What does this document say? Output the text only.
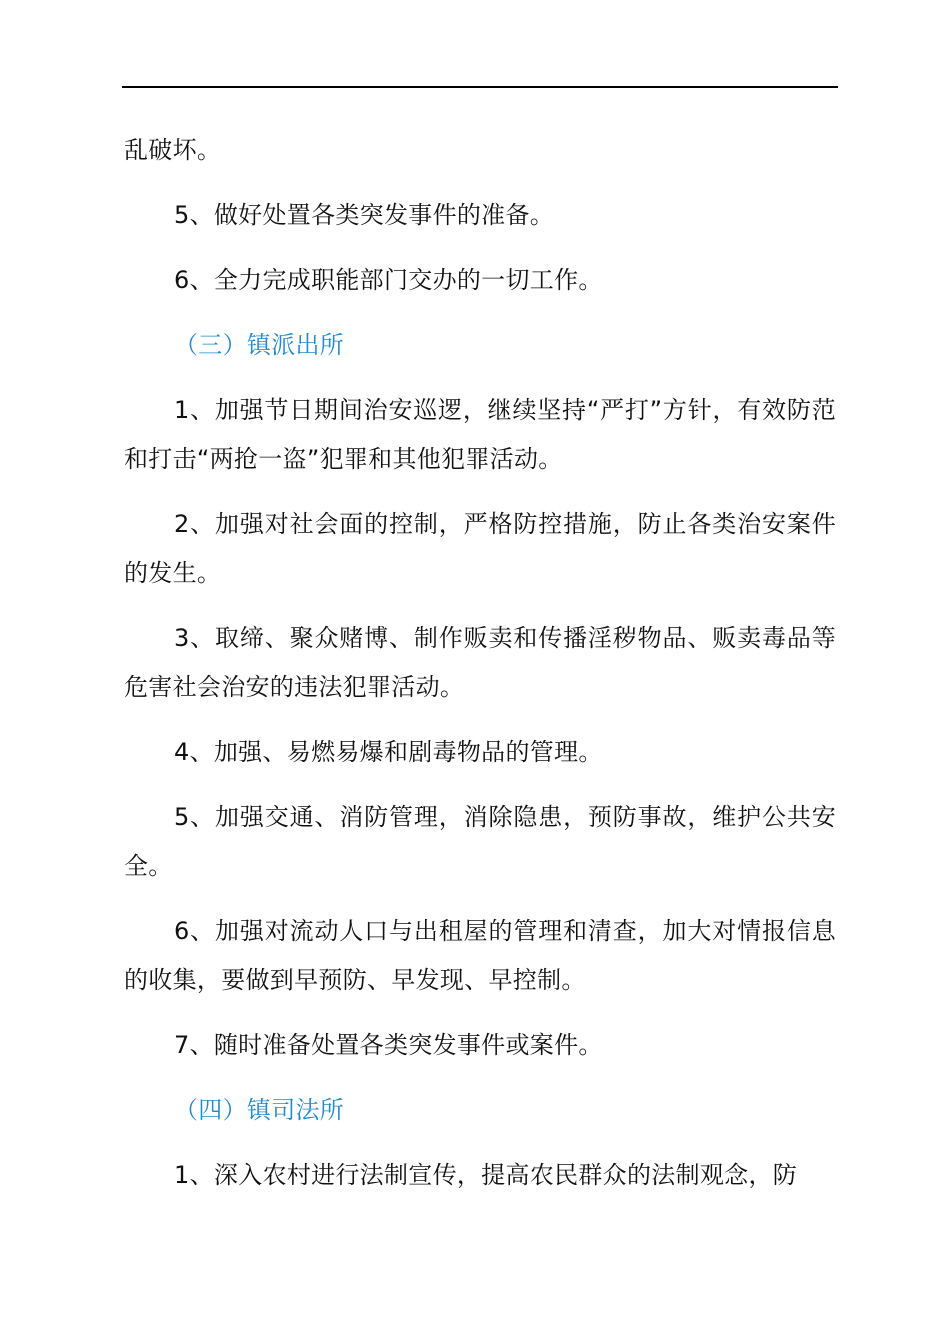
乱破坏。

5、做好处置各类突发事件的准备。

6、全力完成职能部门交办的一切工作。

（三）镇派出所

1、加强节日期间治安巡逻，继续坚持“严打”方针，有效防范和打击“两抢一盗”犯罪和其他犯罪活动。

2、加强对社会面的控制，严格防控措施，防止各类治安案件的发生。

3、取缔、聚众赌博、制作贩卖和传播淫秽物品、贩卖毒品等危害社会治安的违法犯罪活动。

4、加强、易燃易爆和剧毒物品的管理。

5、加强交通、消防管理，消除隐患，预防事故，维护公共安全。

6、加强对流动人口与出租屋的管理和清查，加大对情报信息的收集，要做到早预防、早发现、早控制。

7、随时准备处置各类突发事件或案件。

（四）镇司法所

1、深入农村进行法制宣传，提高农民群众的法制观念，防
